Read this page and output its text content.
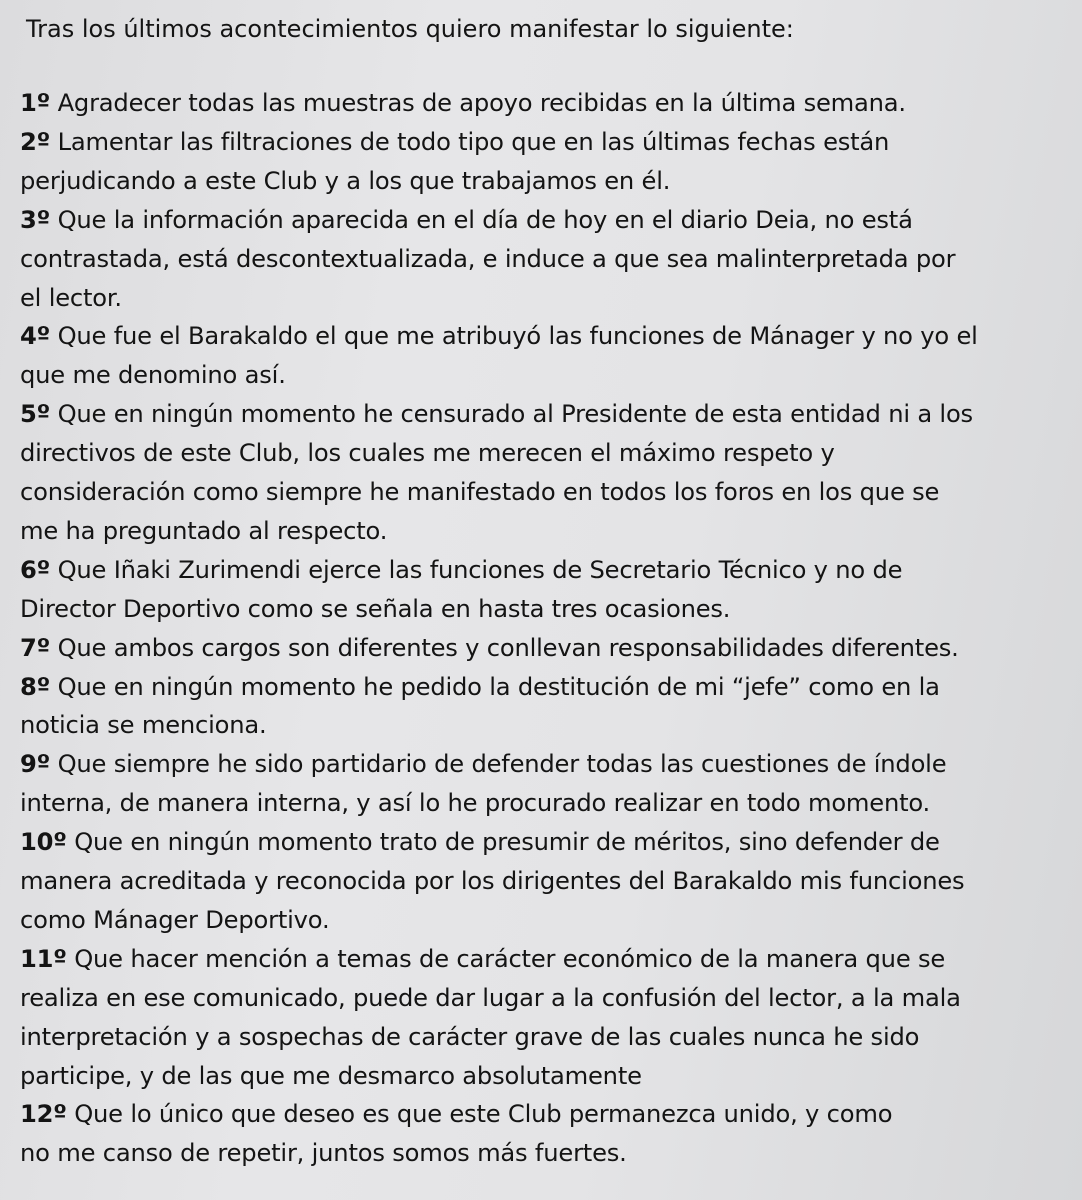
Tras los últimos acontecimientos quiero manifestar lo siguiente:

1º Agradecer todas las muestras de apoyo recibidas en la última semana.

2º Lamentar las filtraciones de todo tipo que en las últimas fechas están

perjudicando a este Club y a los que trabajamos en él.

3º Que la información aparecida en el día de hoy en el diario Deia, no está

contrastada, está descontextualizada, e induce a que sea malinterpretada por

el lector.

4º Que fue el Barakaldo el que me atribuyó las funciones de Mánager y no yo el

que me denomino así.

5º Que en ningún momento he censurado al Presidente de esta entidad ni a los

directivos de este Club, los cuales me merecen el máximo respeto y

consideración como siempre he manifestado en todos los foros en los que se

me ha preguntado al respecto.

6º Que Iñaki Zurimendi ejerce las funciones de Secretario Técnico y no de

Director Deportivo como se señala en hasta tres ocasiones.

7º Que ambos cargos son diferentes y conllevan responsabilidades diferentes.

8º Que en ningún momento he pedido la destitución de mi “jefe” como en la

noticia se menciona.

9º Que siempre he sido partidario de defender todas las cuestiones de índole

interna, de manera interna, y así lo he procurado realizar en todo momento.

10º Que en ningún momento trato de presumir de méritos, sino defender de

manera acreditada y reconocida por los dirigentes del Barakaldo mis funciones

como Mánager Deportivo.

11º Que hacer mención a temas de carácter económico de la manera que se

realiza en ese comunicado, puede dar lugar a la confusión del lector, a la mala

interpretación y a sospechas de carácter grave de las cuales nunca he sido

participe, y de las que me desmarco absolutamente

12º Que lo único que deseo es que este Club permanezca unido, y como

no me canso de repetir, juntos somos más fuertes.
